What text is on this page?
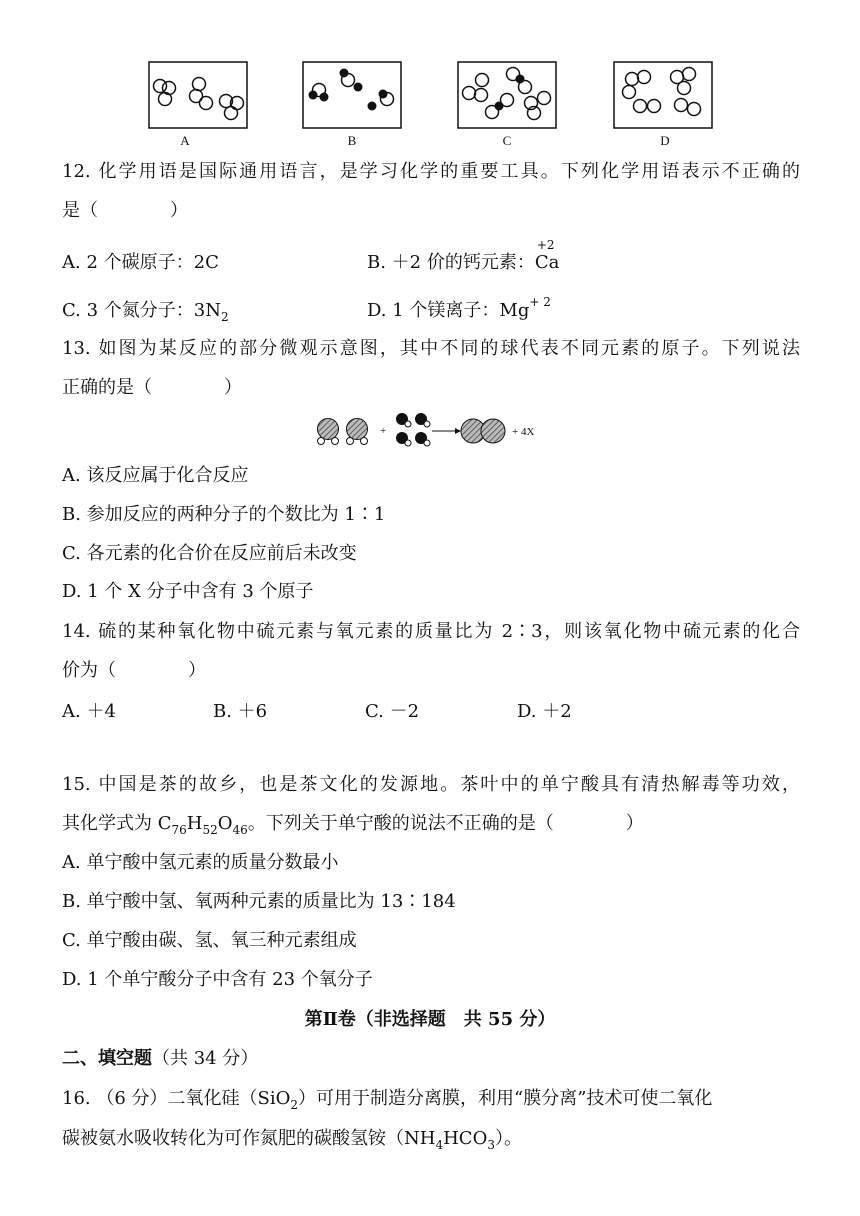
A	B	C	D
12. 化学用语是国际通用语言，是学习化学的重要工具。下列化学用语表示不正确的
是（　　　　）
A. 2 个碳原子：2C	B. ＋2 价的钙元素：
+2
Ca
C. 3 个氮分子：$3N_2$	D. 1 个镁离子：$Mg^{+ 2}$
13. 如图为某反应的部分微观示意图，其中不同的球代表不同元素的原子。下列说法
正确的是（　　　　）
+	+ 4X
A. 该反应属于化合反应
B. 参加反应的两种分子的个数比为 1∶1
C. 各元素的化合价在反应前后未改变
D. 1 个 X 分子中含有 3 个原子
14. 硫的某种氧化物中硫元素与氧元素的质量比为 2∶3，则该氧化物中硫元素的化合
价为（　　　　）
A. ＋4	B. ＋6	C. －2	D. ＋2
15. 中国是茶的故乡，也是茶文化的发源地。茶叶中的单宁酸具有清热解毒等功效，
其化学式为 $C_{76}H_{52}O_{46}$。下列关于单宁酸的说法不正确的是（　　　　）
A. 单宁酸中氢元素的质量分数最小
B. 单宁酸中氢、氧两种元素的质量比为 13∶184
C. 单宁酸由碳、氢、氧三种元素组成
D. 1 个单宁酸分子中含有 23 个氧分子
第Ⅱ卷（非选择题　共 55 分）
二、填空题（共 34 分）
16. （6 分）二氧化硅（SiO$_2$）可用于制造分离膜，利用“膜分离”技术可使二氧化
碳被氨水吸收转化为可作氮肥的碳酸氢铵$(NH_4HCO_3)$。
